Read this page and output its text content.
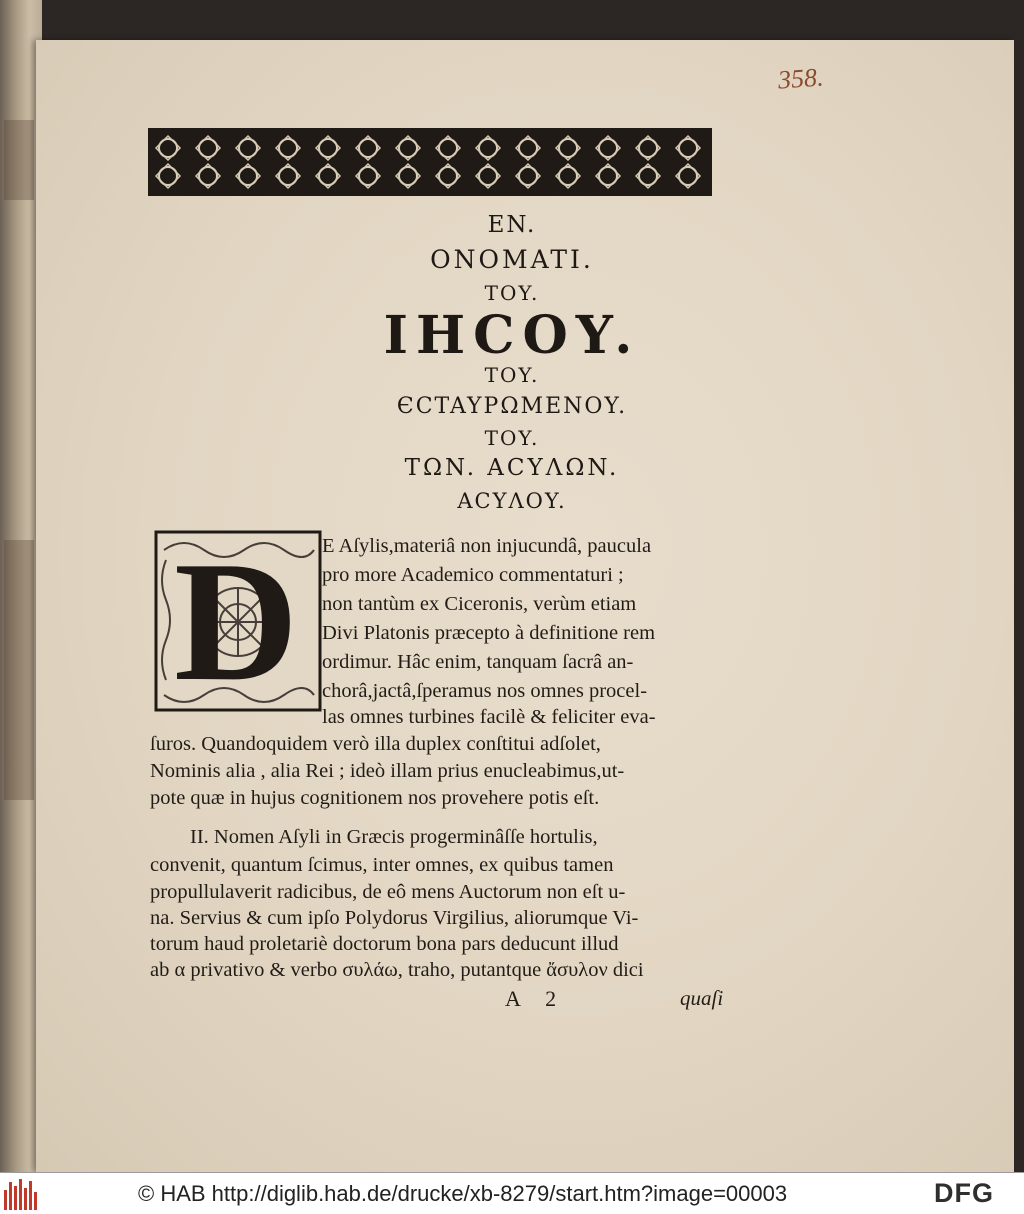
358.
EN.
ONOMATI.
TOY.
IHCOY.
TOY.
ЄCTAYPΩMENOY.
TOY.
TΩN. ACYΛΩN.
ACYΛOY.
D E Aſylis,materiâ non injucundâ, paucula
pro more Academico commentaturi ;
non tantùm ex Ciceronis, verùm etiam
Divi Platonis præcepto à definitione rem
ordimur. Hâc enim, tanquam ſacrâ an-
chorâ,jactâ,ſperamus nos omnes procel-
las omnes turbines facilè & feliciter eva-
ſuros. Quandoquidem verò illa duplex conſtitui adſolet,
Nominis alia , alia Rei ; ideò illam prius enucleabimus,ut-
pote quæ in hujus cognitionem nos provehere potis eſt.
II. Nomen Aſyli in Græcis progerminâſſe hortulis,
convenit, quantum ſcimus, inter omnes, ex quibus tamen
propullulaverit radicibus, de eô mens Auctorum non eſt u-
na. Servius & cum ipſo Polydorus Virgilius, aliorumque Vi-
torum haud proletariè doctorum bona pars deducunt illud
ab α privativo & verbo συλάω, traho, putantque ἄσυλον dici
A 2	quaſi
© HAB http://diglib.hab.de/drucke/xb-8279/start.htm?image=00003	DFG
